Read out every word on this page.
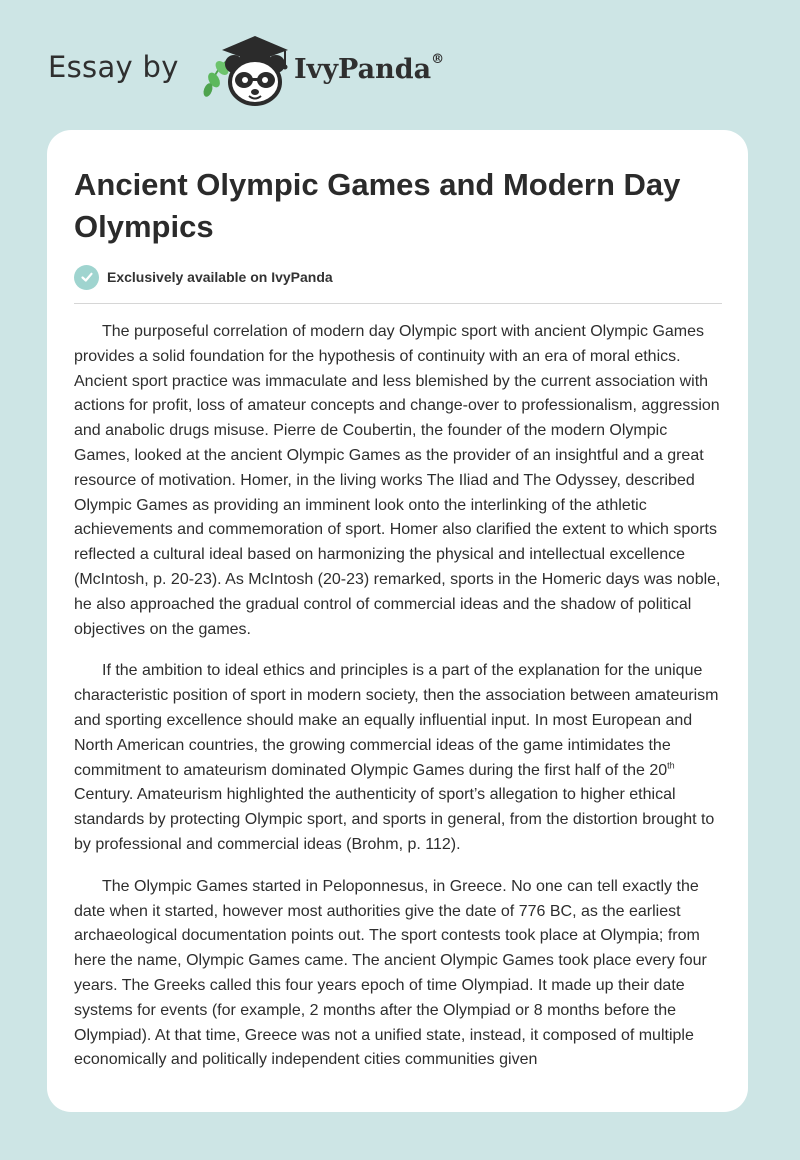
Essay by	IvyPanda®
Ancient Olympic Games and Modern Day Olympics
Exclusively available on IvyPanda

The purposeful correlation of modern day Olympic sport with ancient Olympic Games provides a solid foundation for the hypothesis of continuity with an era of moral ethics. Ancient sport practice was immaculate and less blemished by the current association with actions for profit, loss of amateur concepts and change-over to professionalism, aggression and anabolic drugs misuse. Pierre de Coubertin, the founder of the modern Olympic Games, looked at the ancient Olympic Games as the provider of an insightful and a great resource of motivation. Homer, in the living works The Iliad and The Odyssey, described Olympic Games as providing an imminent look onto the interlinking of the athletic achievements and commemoration of sport. Homer also clarified the extent to which sports reflected a cultural ideal based on harmonizing the physical and intellectual excellence (McIntosh, p. 20-23). As McIntosh (20-23) remarked, sports in the Homeric days was noble, he also approached the gradual control of commercial ideas and the shadow of political objectives on the games.

If the ambition to ideal ethics and principles is a part of the explanation for the unique characteristic position of sport in modern society, then the association between amateurism and sporting excellence should make an equally influential input. In most European and North American countries, the growing commercial ideas of the game intimidates the commitment to amateurism dominated Olympic Games during the first half of the 20th Century. Amateurism highlighted the authenticity of sport’s allegation to higher ethical standards by protecting Olympic sport, and sports in general, from the distortion brought to by professional and commercial ideas (Brohm, p. 112).

The Olympic Games started in Peloponnesus, in Greece. No one can tell exactly the date when it started, however most authorities give the date of 776 BC, as the earliest archaeological documentation points out. The sport contests took place at Olympia; from here the name, Olympic Games came. The ancient Olympic Games took place every four years. The Greeks called this four years epoch of time Olympiad. It made up their date systems for events (for example, 2 months after the Olympiad or 8 months before the Olympiad). At that time, Greece was not a unified state, instead, it composed of multiple economically and politically independent cities communities given
